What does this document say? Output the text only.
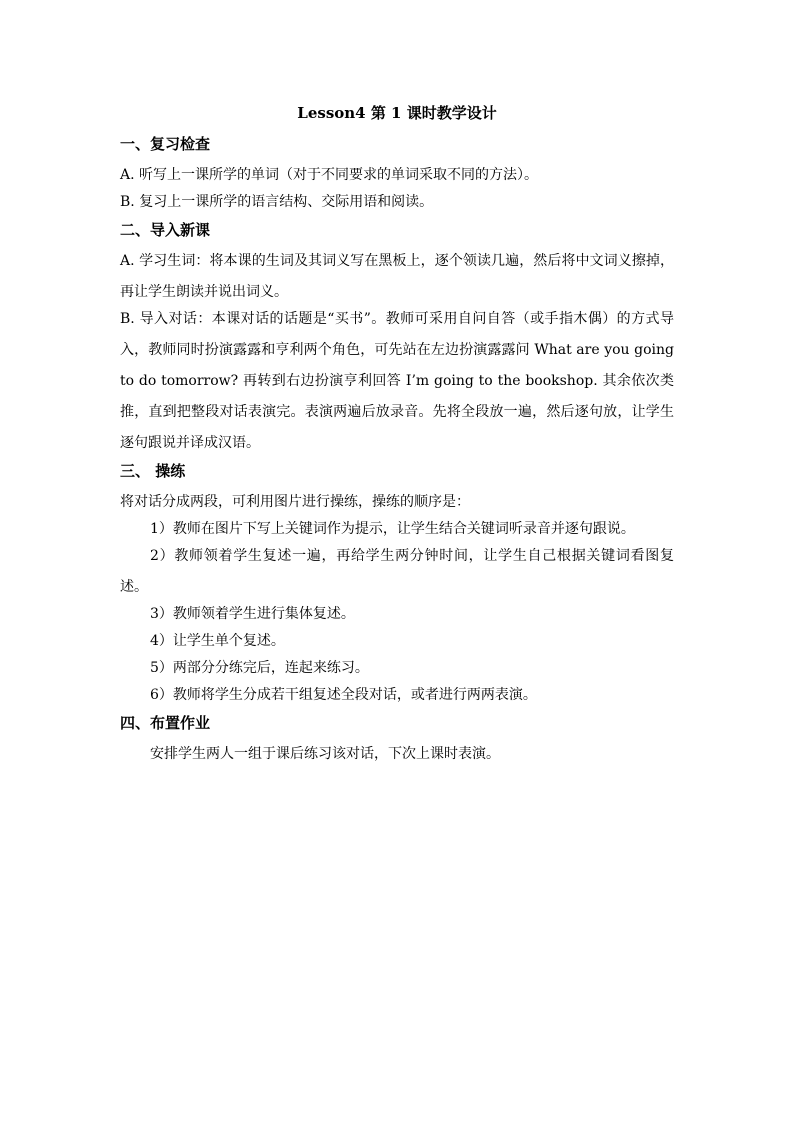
Lesson4 第 1 课时教学设计
一、复习检查

A. 听写上一课所学的单词（对于不同要求的单词采取不同的方法）。

B. 复习上一课所学的语言结构、交际用语和阅读。

二、导入新课

A. 学习生词：将本课的生词及其词义写在黑板上，逐个领读几遍，然后将中文词义擦掉，再让学生朗读并说出词义。

B. 导入对话：本课对话的话题是“买书”。教师可采用自问自答（或手指木偶）的方式导入，教师同时扮演露露和亨利两个角色，可先站在左边扮演露露问 What are you going to do tomorrow? 再转到右边扮演亨利回答 I’m going to the bookshop. 其余依次类推，直到把整段对话表演完。表演两遍后放录音。先将全段放一遍，然后逐句放，让学生逐句跟说并译成汉语。

三、 操练

将对话分成两段，可利用图片进行操练，操练的顺序是：

1）教师在图片下写上关键词作为提示，让学生结合关键词听录音并逐句跟说。

2）教师领着学生复述一遍，再给学生两分钟时间，让学生自己根据关键词看图复述。

3）教师领着学生进行集体复述。

4）让学生单个复述。

5）两部分分练完后，连起来练习。

6）教师将学生分成若干组复述全段对话，或者进行两两表演。

四、布置作业

安排学生两人一组于课后练习该对话，下次上课时表演。
